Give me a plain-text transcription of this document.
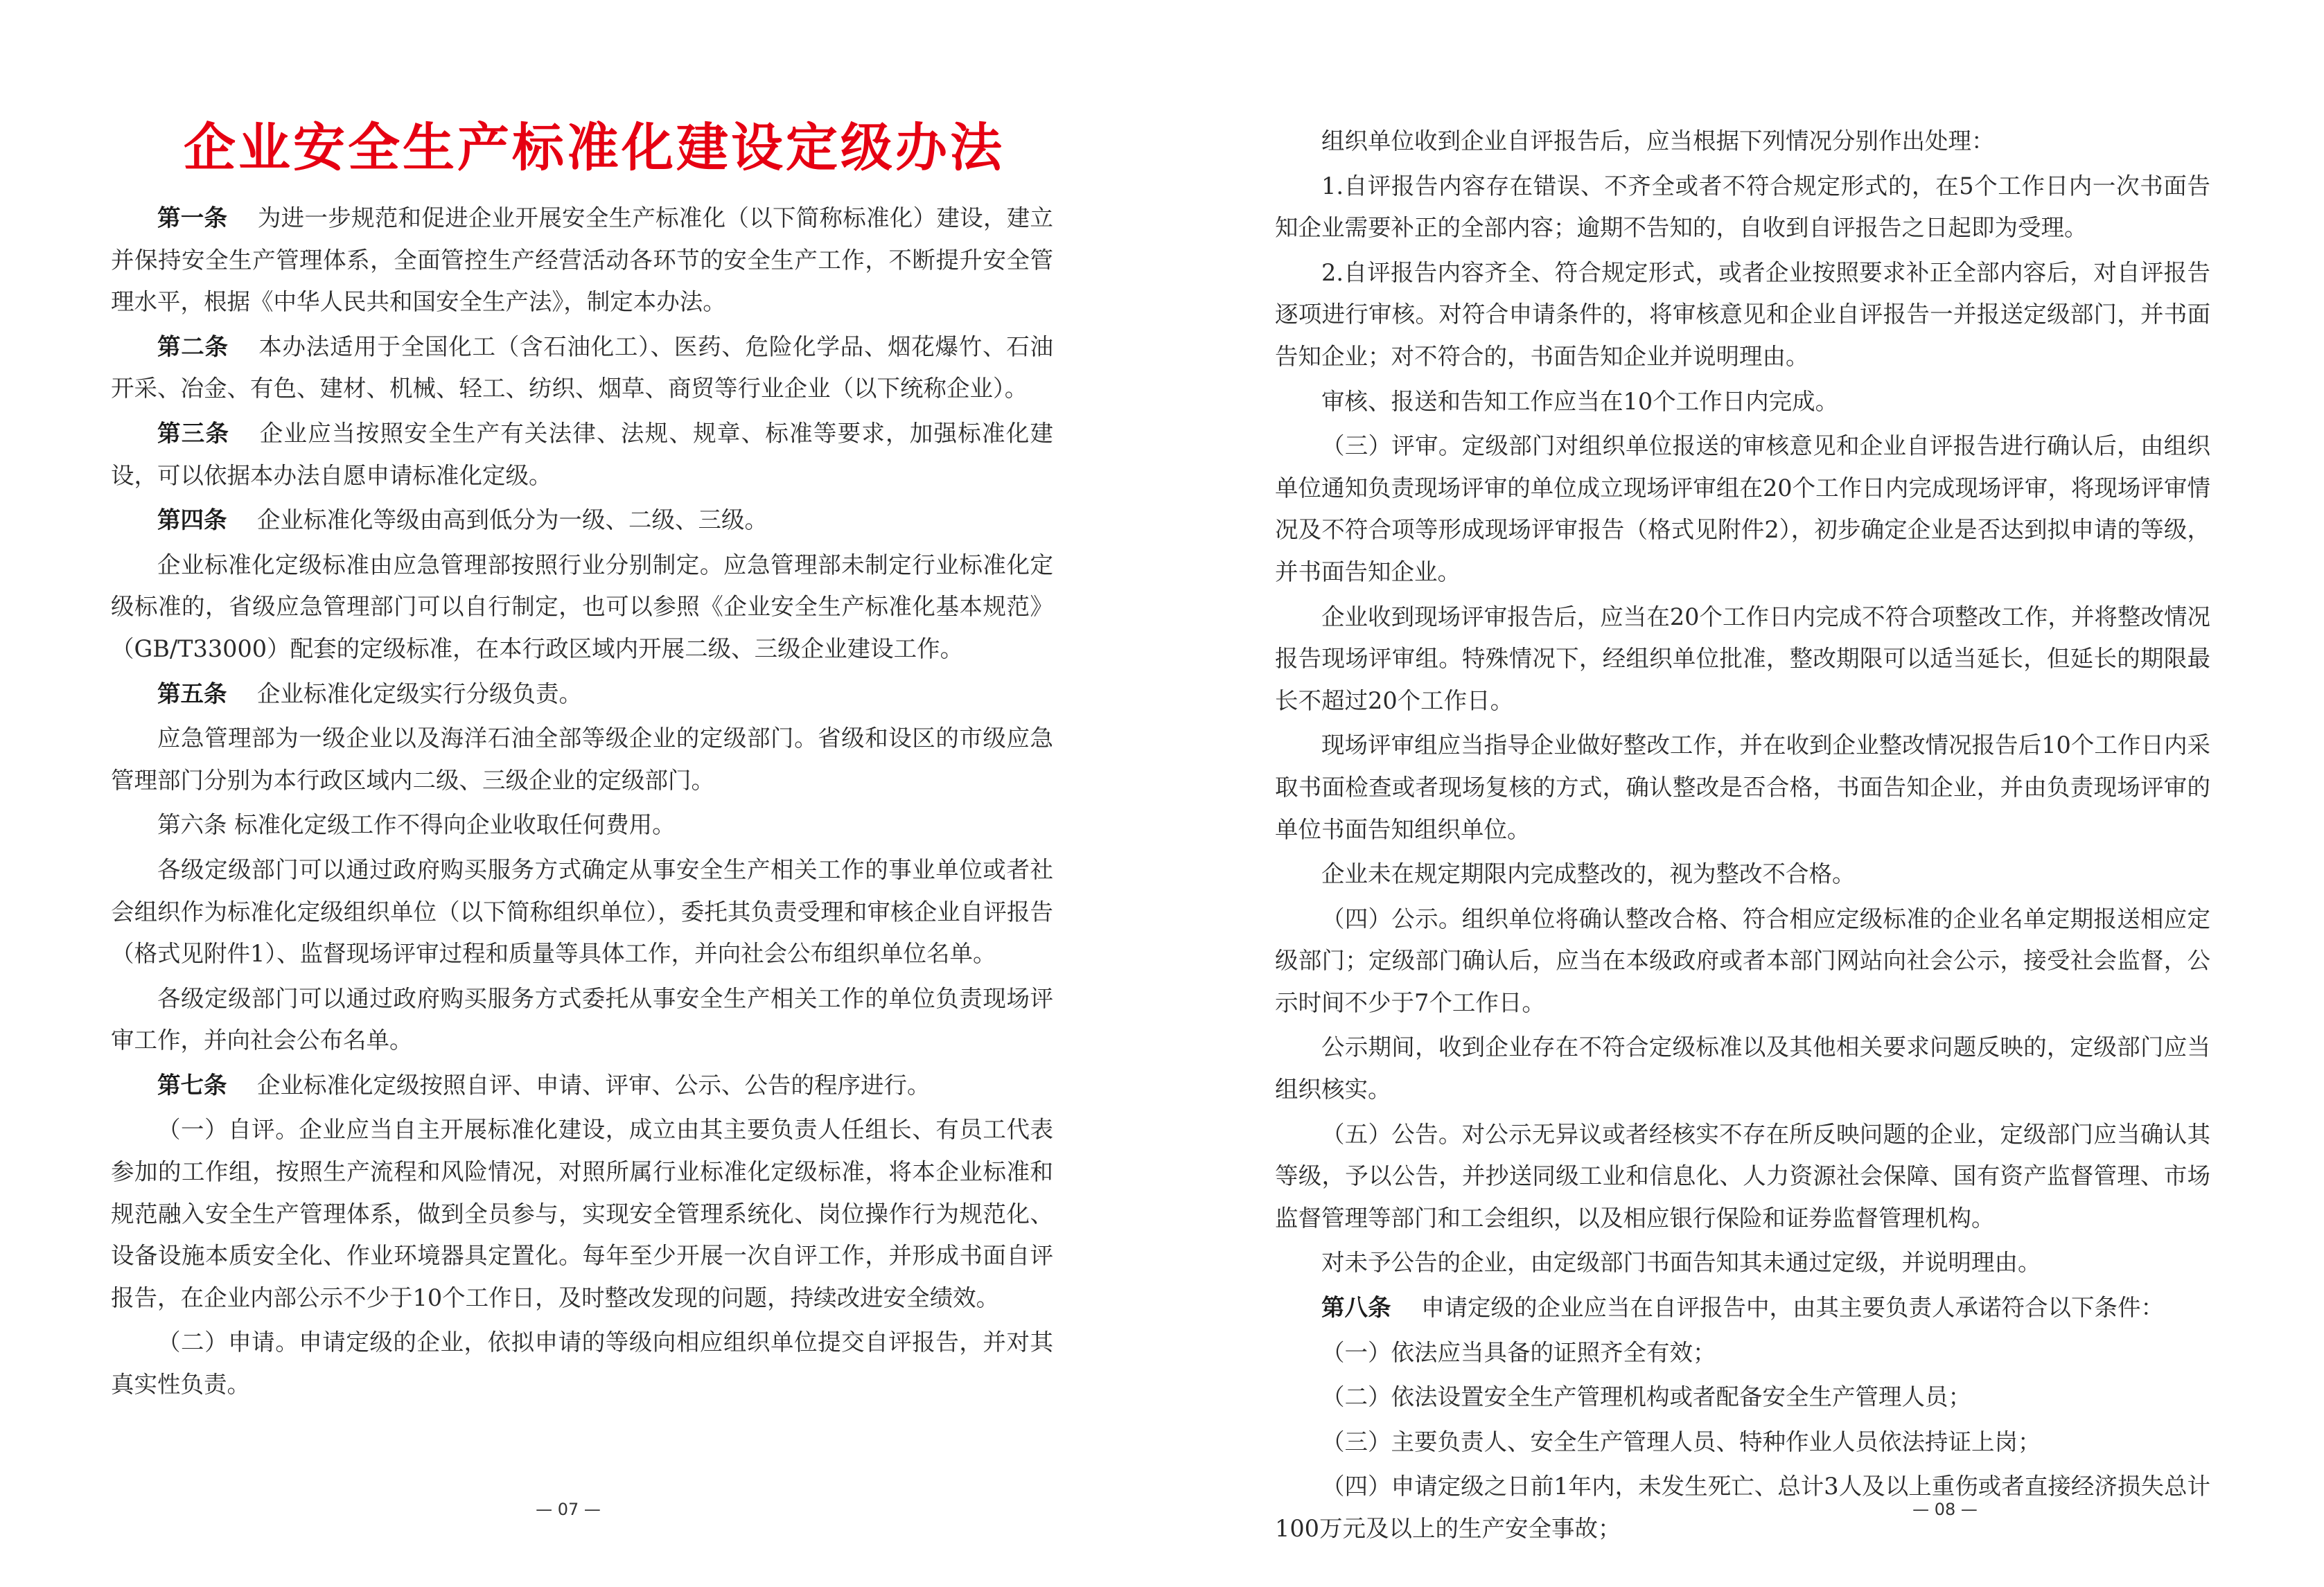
企业安全生产标准化建设定级办法

第一条 为进一步规范和促进企业开展安全生产标准化（以下简称标准化）建设，建立并保持安全生产管理体系，全面管控生产经营活动各环节的安全生产工作，不断提升安全管理水平，根据《中华人民共和国安全生产法》，制定本办法。

第二条 本办法适用于全国化工（含石油化工）、医药、危险化学品、烟花爆竹、石油开采、冶金、有色、建材、机械、轻工、纺织、烟草、商贸等行业企业（以下统称企业）。

第三条 企业应当按照安全生产有关法律、法规、规章、标准等要求，加强标准化建设，可以依据本办法自愿申请标准化定级。

第四条 企业标准化等级由高到低分为一级、二级、三级。

企业标准化定级标准由应急管理部按照行业分别制定。应急管理部未制定行业标准化定级标准的，省级应急管理部门可以自行制定，也可以参照《企业安全生产标准化基本规范》（GB/T33000）配套的定级标准，在本行政区域内开展二级、三级企业建设工作。

第五条 企业标准化定级实行分级负责。

应急管理部为一级企业以及海洋石油全部等级企业的定级部门。省级和设区的市级应急管理部门分别为本行政区域内二级、三级企业的定级部门。

第六条 标准化定级工作不得向企业收取任何费用。

各级定级部门可以通过政府购买服务方式确定从事安全生产相关工作的事业单位或者社会组织作为标准化定级组织单位（以下简称组织单位），委托其负责受理和审核企业自评报告（格式见附件1）、监督现场评审过程和质量等具体工作，并向社会公布组织单位名单。

各级定级部门可以通过政府购买服务方式委托从事安全生产相关工作的单位负责现场评审工作，并向社会公布名单。

第七条 企业标准化定级按照自评、申请、评审、公示、公告的程序进行。

（一）自评。企业应当自主开展标准化建设，成立由其主要负责人任组长、有员工代表参加的工作组，按照生产流程和风险情况，对照所属行业标准化定级标准，将本企业标准和规范融入安全生产管理体系，做到全员参与，实现安全管理系统化、岗位操作行为规范化、设备设施本质安全化、作业环境器具定置化。每年至少开展一次自评工作，并形成书面自评报告，在企业内部公示不少于10个工作日，及时整改发现的问题，持续改进安全绩效。

（二）申请。申请定级的企业，依拟申请的等级向相应组织单位提交自评报告，并对其真实性负责。

— 07 —

组织单位收到企业自评报告后，应当根据下列情况分别作出处理：

1.自评报告内容存在错误、不齐全或者不符合规定形式的，在5个工作日内一次书面告知企业需要补正的全部内容；逾期不告知的，自收到自评报告之日起即为受理。

2.自评报告内容齐全、符合规定形式，或者企业按照要求补正全部内容后，对自评报告逐项进行审核。对符合申请条件的，将审核意见和企业自评报告一并报送定级部门，并书面告知企业；对不符合的，书面告知企业并说明理由。

审核、报送和告知工作应当在10个工作日内完成。

（三）评审。定级部门对组织单位报送的审核意见和企业自评报告进行确认后，由组织单位通知负责现场评审的单位成立现场评审组在20个工作日内完成现场评审，将现场评审情况及不符合项等形成现场评审报告（格式见附件2），初步确定企业是否达到拟申请的等级，并书面告知企业。

企业收到现场评审报告后，应当在20个工作日内完成不符合项整改工作，并将整改情况报告现场评审组。特殊情况下，经组织单位批准，整改期限可以适当延长，但延长的期限最长不超过20个工作日。

现场评审组应当指导企业做好整改工作，并在收到企业整改情况报告后10个工作日内采取书面检查或者现场复核的方式，确认整改是否合格，书面告知企业，并由负责现场评审的单位书面告知组织单位。

企业未在规定期限内完成整改的，视为整改不合格。

（四）公示。组织单位将确认整改合格、符合相应定级标准的企业名单定期报送相应定级部门；定级部门确认后，应当在本级政府或者本部门网站向社会公示，接受社会监督，公示时间不少于7个工作日。

公示期间，收到企业存在不符合定级标准以及其他相关要求问题反映的，定级部门应当组织核实。

（五）公告。对公示无异议或者经核实不存在所反映问题的企业，定级部门应当确认其等级，予以公告，并抄送同级工业和信息化、人力资源社会保障、国有资产监督管理、市场监督管理等部门和工会组织，以及相应银行保险和证券监督管理机构。

对未予公告的企业，由定级部门书面告知其未通过定级，并说明理由。

第八条 申请定级的企业应当在自评报告中，由其主要负责人承诺符合以下条件：

（一）依法应当具备的证照齐全有效；

（二）依法设置安全生产管理机构或者配备安全生产管理人员；

（三）主要负责人、安全生产管理人员、特种作业人员依法持证上岗；

（四）申请定级之日前1年内，未发生死亡、总计3人及以上重伤或者直接经济损失总计100万元及以上的生产安全事故；

— 08 —
